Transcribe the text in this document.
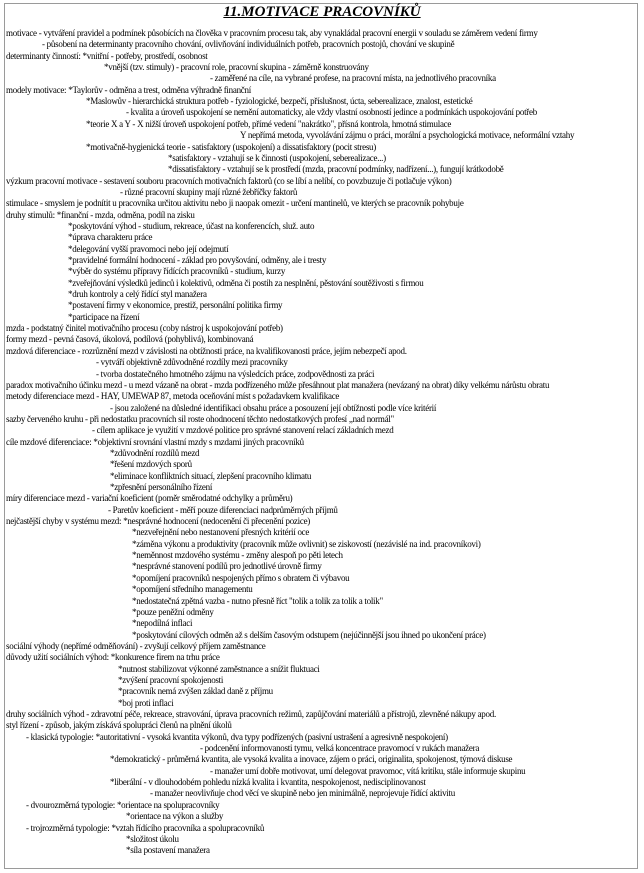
11.MOTIVACE PRACOVNÍKŮ
motivace - vytváření pravidel a podmínek působících na člověka v pracovním procesu tak, aby vynakládal pracovní energii v souladu se záměrem vedení firmy
- působení na determinanty pracovního chování, ovlivňování individuálních potřeb, pracovních postojů, chování ve skupině
determinanty činností: *vnitřní - potřeby, prostředí, osobnost
*vnější (tzv. stimuly) - pracovní role, pracovní skupina - záměrně konstruovány
- zaměřené na cíle, na vybrané profese, na pracovní místa, na jednotlivého pracovníka
modely motivace: *Taylorův - odměna a trest, odměna výhradně finanční
*Maslowův - hierarchická struktura potřeb - fyziologické, bezpečí, příslušnost, úcta, seberealizace, znalost, estetické
- kvalita a úroveň uspokojení se nemění automaticky, ale vždy vlastní osobností jedince a podmínkách uspokojování potřeb
*teorie X a Y - X nižší úroveň uspokojení potřeb, přímé vedení "nakrátko", přísná kontrola, hmotná stimulace
Y nepřímá metoda, vyvolávání zájmu o práci, morální a psychologická motivace, neformální vztahy
*motivačně-hygienická teorie - satisfaktory (uspokojení) a dissatisfaktory (pocit stresu)
*satisfaktory - vztahují se k činnosti (uspokojení, seberealizace...)
*dissatisfaktory - vztahují se k prostředí (mzda, pracovní podmínky, nadřízení...), fungují krátkodobě
výzkum pracovní motivace - sestavení souboru pracovních motivačních faktorů (co se líbí a nelíbí, co povzbuzuje či potlačuje výkon)
- různé pracovní skupiny mají různé žebříčky faktorů
stimulace - smyslem je podnítit u pracovníka určitou aktivitu nebo ji naopak omezit - určení mantinelů, ve kterých se pracovník pohybuje
druhy stimulů: *finanční - mzda, odměna, podíl na zisku
*poskytování výhod - studium, rekreace, účast na konferencích, služ. auto
*úprava charakteru práce
*delegování vyšší pravomoci nebo její odejmutí
*pravidelné formální hodnocení - základ pro povyšování, odměny, ale i tresty
*výběr do systému přípravy řídících pracovníků - studium, kurzy
*zveřejňování výsledků jedinců i kolektivů, odměna či postih za nesplnění, pěstování soutěživosti s firmou
*druh kontroly a celý řídící styl manažera
*postavení firmy v ekonomice, prestiž, personální politika firmy
*participace na řízení
mzda - podstatný činitel motivačního procesu (coby nástroj k uspokojování potřeb)
formy mezd - pevná časová, úkolová, podílová (pohyblivá), kombinovaná
mzdová diferenciace - rozrůznění mezd v závislosti na obtížnosti práce, na kvalifikovanosti práce, jejím nebezpečí apod.
- vytváří objektivně zdůvodněné rozdíly mezi pracovníky
- tvorba dostatečného hmotného zájmu na výsledcích práce, zodpovědnosti za práci
paradox motivačního účinku mezd - u mezd vázaně na obrat - mzda podřízeného může přesáhnout plat manažera (nevázaný na obrat) díky velkému nárůstu obratu
metody diferenciace mezd - HAY, UMEWAP 87, metoda oceňování míst s požadavkem kvalifikace
- jsou založené na důsledné identifikaci obsahu práce a posouzení její obtížnosti podle více kritérií
sazby červeného kruhu - při nedostatku pracovních sil roste ohodnocení těchto nedostatkových profesí „nad normál"
- cílem aplikace je využití v mzdové politice pro správné stanovení relací základních mezd
cíle mzdové diferenciace: *objektivní srovnání vlastní mzdy s mzdami jiných pracovníků
*zdůvodnění rozdílů mezd
*řešení mzdových sporů
*eliminace konfliktních situací, zlepšení pracovního klimatu
*zpřesnění personálního řízení
míry diferenciace mezd - variační koeficient (poměr směrodatné odchylky a průměru)
- Paretův koeficient - měří pouze diferenciaci nadprůměrných příjmů
nejčastější chyby v systému mezd: *nesprávné hodnocení (nedocenění či přecenění pozice)
*nezveřejnění nebo nestanovení přesných kritérií oce
*záměna výkonu a produktivity (pracovník může ovlivnit) se ziskovostí (nezávislé na ind. pracovníkovi)
*neměnnost mzdového systému - změny alespoň po pěti letech
*nesprávné stanovení podílů pro jednotlivé úrovně firmy
*opomíjení pracovníků nespojených přímo s obratem či výbavou
*opomíjení středního managementu
*nedostatečná zpětná vazba - nutno přesně říct "tolik a tolik za tolik a tolik"
*pouze peněžní odměny
*nepodílná inflaci
*poskytování cílových odměn až s delším časovým odstupem (nejúčinnější jsou ihned po ukončení práce)
sociální výhody (nepřímé odměňování) - zvyšují celkový příjem zaměstnance
důvody užití sociálních výhod: *konkurence firem na trhu práce
*nutnost stabilizovat výkonné zaměstnance a snížit fluktuaci
*zvýšení pracovní spokojenosti
*pracovník nemá zvýšen základ daně z příjmu
*boj proti inflaci
druhy sociálních výhod - zdravotní péče, rekreace, stravování, úprava pracovních režimů, zapůjčování materiálů a přístrojů, zlevněné nákupy apod.
styl řízení - způsob, jakým získává spolupráci členů na plnění úkolů
- klasická typologie: *autoritativní - vysoká kvantita výkonů, dva typy podřízených (pasivní ustrašení a agresivně nespokojení)
- podcenění informovanosti tymu, velká koncentrace pravomocí v rukách manažera
*demokratický - průměrná kvantita, ale vysoká kvalita a inovace, zájem o práci, originalita, spokojenost, týmová diskuse
- manažer umí dobře motivovat, umí delegovat pravomoc, vítá kritiku, stále informuje skupinu
*liberální - v dlouhodobém pohledu nízká kvalita i kvantita, nespokojenost, nedisciplinovanost
- manažer neovlivňuje chod věcí ve skupině nebo jen minimálně, neprojevuje řídící aktivitu
- dvourozměrná typologie: *orientace na spolupracovníky
*orientace na výkon a služby
- trojrozměrná typologie: *vztah řídícího pracovníka a spolupracovníků
*složitost úkolu
*síla postavení manažera
